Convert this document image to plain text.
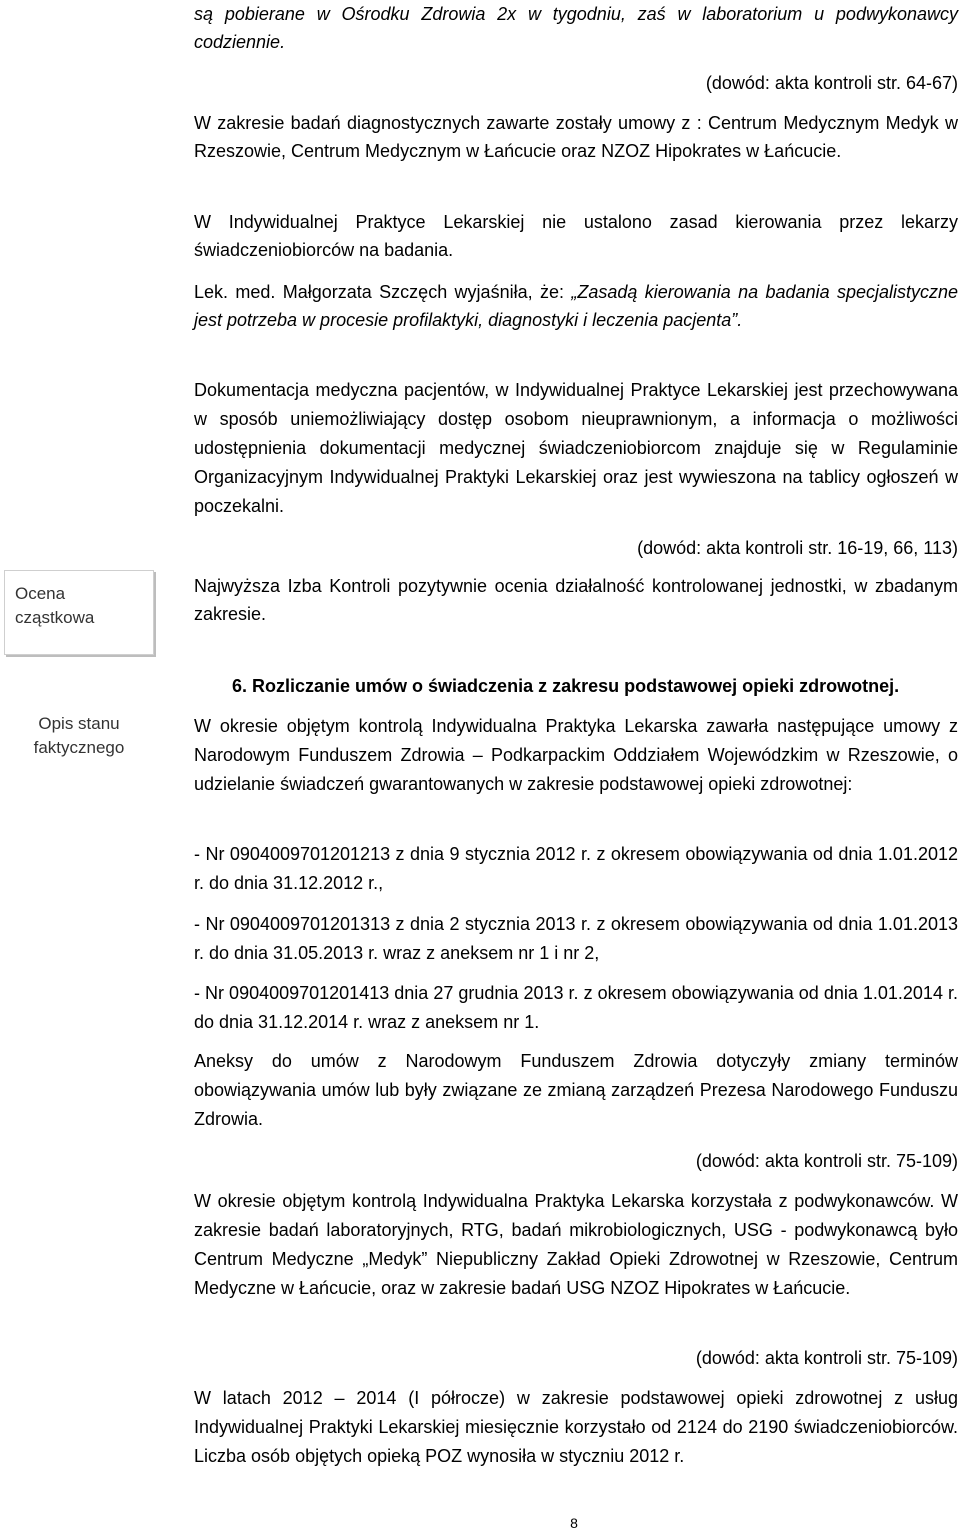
Ocena
cząstkowa
Opis stanu
faktycznego

są pobierane w Ośrodku Zdrowia 2x w tygodniu, zaś w laboratorium u podwykonawcy codziennie.

(dowód: akta kontroli str. 64-67)

W zakresie badań diagnostycznych zawarte zostały umowy z : Centrum Medycznym Medyk w Rzeszowie, Centrum Medycznym w Łańcucie oraz NZOZ Hipokrates w Łańcucie.

W Indywidualnej Praktyce Lekarskiej nie ustalono zasad kierowania przez lekarzy świadczeniobiorców na badania.

Lek. med. Małgorzata Szczęch wyjaśniła, że: „Zasadą kierowania na badania specjalistyczne jest potrzeba w procesie profilaktyki, diagnostyki i leczenia pacjenta”.

Dokumentacja medyczna pacjentów, w Indywidualnej Praktyce Lekarskiej jest przechowywana w sposób uniemożliwiający dostęp osobom nieuprawnionym, a informacja o możliwości udostępnienia dokumentacji medycznej świadczeniobiorcom znajduje się w Regulaminie Organizacyjnym Indywidualnej Praktyki Lekarskiej oraz jest wywieszona na tablicy ogłoszeń w poczekalni.

(dowód: akta kontroli str. 16-19, 66, 113)

Najwyższa Izba Kontroli pozytywnie ocenia działalność kontrolowanej jednostki, w zbadanym zakresie.

6. Rozliczanie umów o świadczenia z zakresu podstawowej opieki zdrowotnej.

W okresie objętym kontrolą Indywidualna Praktyka Lekarska zawarła następujące umowy z Narodowym Funduszem Zdrowia – Podkarpackim Oddziałem Wojewódzkim w Rzeszowie, o udzielanie świadczeń gwarantowanych w zakresie podstawowej opieki zdrowotnej:

- Nr 0904009701201213 z dnia 9 stycznia 2012 r. z okresem obowiązywania od dnia 1.01.2012 r. do dnia 31.12.2012 r.,

- Nr 0904009701201313 z dnia 2 stycznia 2013 r. z okresem obowiązywania od dnia 1.01.2013 r. do dnia 31.05.2013 r. wraz z aneksem nr 1 i nr 2,

- Nr 0904009701201413 dnia 27 grudnia 2013 r. z okresem obowiązywania od dnia 1.01.2014 r. do dnia 31.12.2014 r. wraz z aneksem nr 1.

Aneksy do umów z Narodowym Funduszem Zdrowia dotyczyły zmiany terminów obowiązywania umów lub były związane ze zmianą zarządzeń Prezesa Narodowego Funduszu Zdrowia.

(dowód: akta kontroli str. 75-109)

W okresie objętym kontrolą Indywidualna Praktyka Lekarska korzystała z podwykonawców. W zakresie badań laboratoryjnych, RTG, badań mikrobiologicznych, USG - podwykonawcą było Centrum Medyczne „Medyk” Niepubliczny Zakład Opieki Zdrowotnej w Rzeszowie, Centrum Medyczne w Łańcucie, oraz w zakresie badań USG NZOZ Hipokrates w Łańcucie.

(dowód: akta kontroli str. 75-109)

W latach 2012 – 2014 (I półrocze) w zakresie podstawowej opieki zdrowotnej z usług Indywidualnej Praktyki Lekarskiej miesięcznie korzystało od 2124 do 2190 świadczeniobiorców. Liczba osób objętych opieką POZ wynosiła w styczniu 2012 r.

8
